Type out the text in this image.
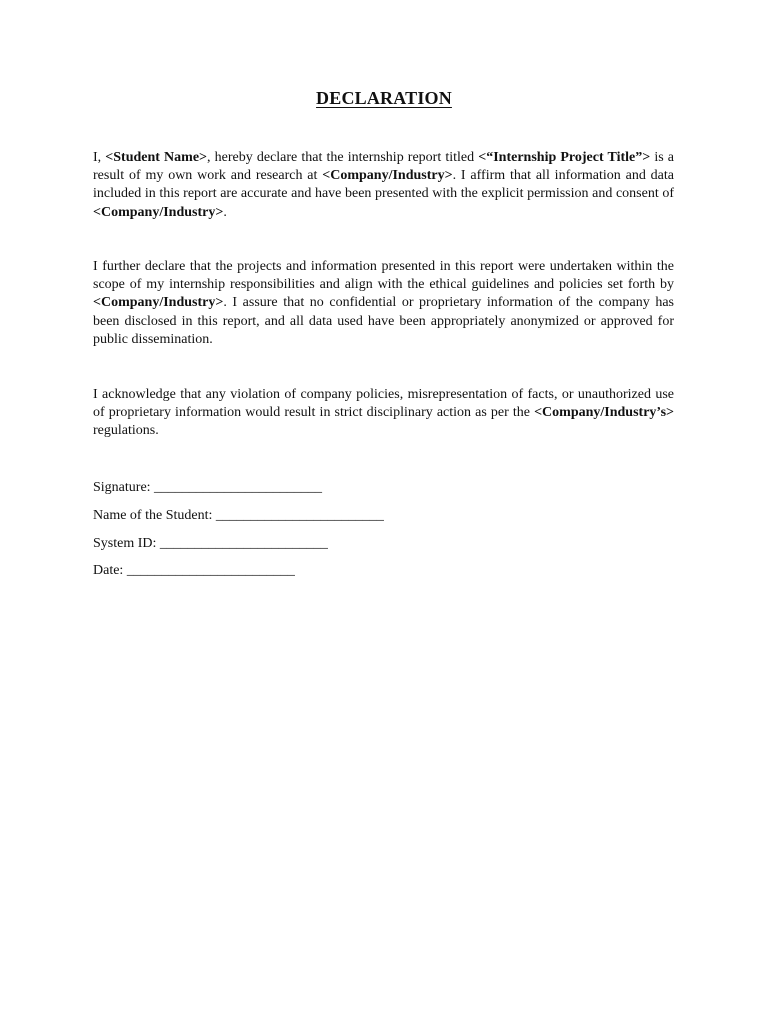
DECLARATION

I, <Student Name>, hereby declare that the internship report titled <“Internship Project Title”> is a result of my own work and research at <Company/Industry>. I affirm that all information and data included in this report are accurate and have been presented with the explicit permission and consent of <Company/Industry>.

I further declare that the projects and information presented in this report were undertaken within the scope of my internship responsibilities and align with the ethical guidelines and policies set forth by <Company/Industry>. I assure that no confidential or proprietary information of the company has been disclosed in this report, and all data used have been appropriately anonymized or approved for public dissemination.

I acknowledge that any violation of company policies, misrepresentation of facts, or unauthorized use of proprietary information would result in strict disciplinary action as per the <Company/Industry’s> regulations.

Signature: ________________________
Name of the Student: ________________________
System ID: ________________________
Date: ________________________
